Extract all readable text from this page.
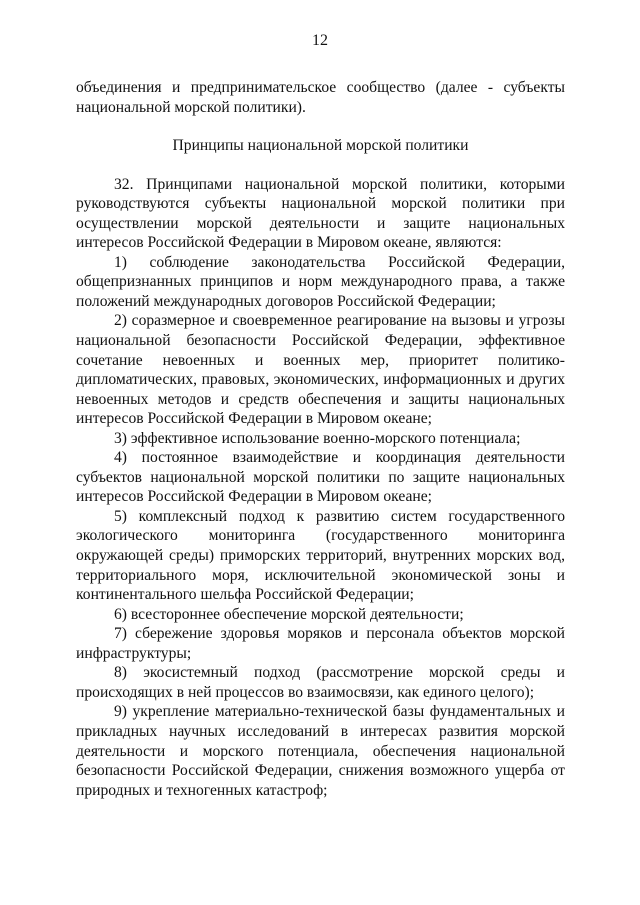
12

объединения и предпринимательское сообщество (далее - субъекты национальной морской политики).

Принципы национальной морской политики

32. Принципами национальной морской политики, которыми руководствуются субъекты национальной морской политики при осуществлении морской деятельности и защите национальных интересов Российской Федерации в Мировом океане, являются:

1) соблюдение законодательства Российской Федерации, общепризнанных принципов и норм международного права, а также положений международных договоров Российской Федерации;

2) соразмерное и своевременное реагирование на вызовы и угрозы национальной безопасности Российской Федерации, эффективное сочетание невоенных и военных мер, приоритет политико-дипломатических, правовых, экономических, информационных и других невоенных методов и средств обеспечения и защиты национальных интересов Российской Федерации в Мировом океане;

3) эффективное использование военно-морского потенциала;

4) постоянное взаимодействие и координация деятельности субъектов национальной морской политики по защите национальных интересов Российской Федерации в Мировом океане;

5) комплексный подход к развитию систем государственного экологического мониторинга (государственного мониторинга окружающей среды) приморских территорий, внутренних морских вод, территориального моря, исключительной экономической зоны и континентального шельфа Российской Федерации;

6) всестороннее обеспечение морской деятельности;

7) сбережение здоровья моряков и персонала объектов морской инфраструктуры;

8) экосистемный подход (рассмотрение морской среды и происходящих в ней процессов во взаимосвязи, как единого целого);

9) укрепление материально-технической базы фундаментальных и прикладных научных исследований в интересах развития морской деятельности и морского потенциала, обеспечения национальной безопасности Российской Федерации, снижения возможного ущерба от природных и техногенных катастроф;
